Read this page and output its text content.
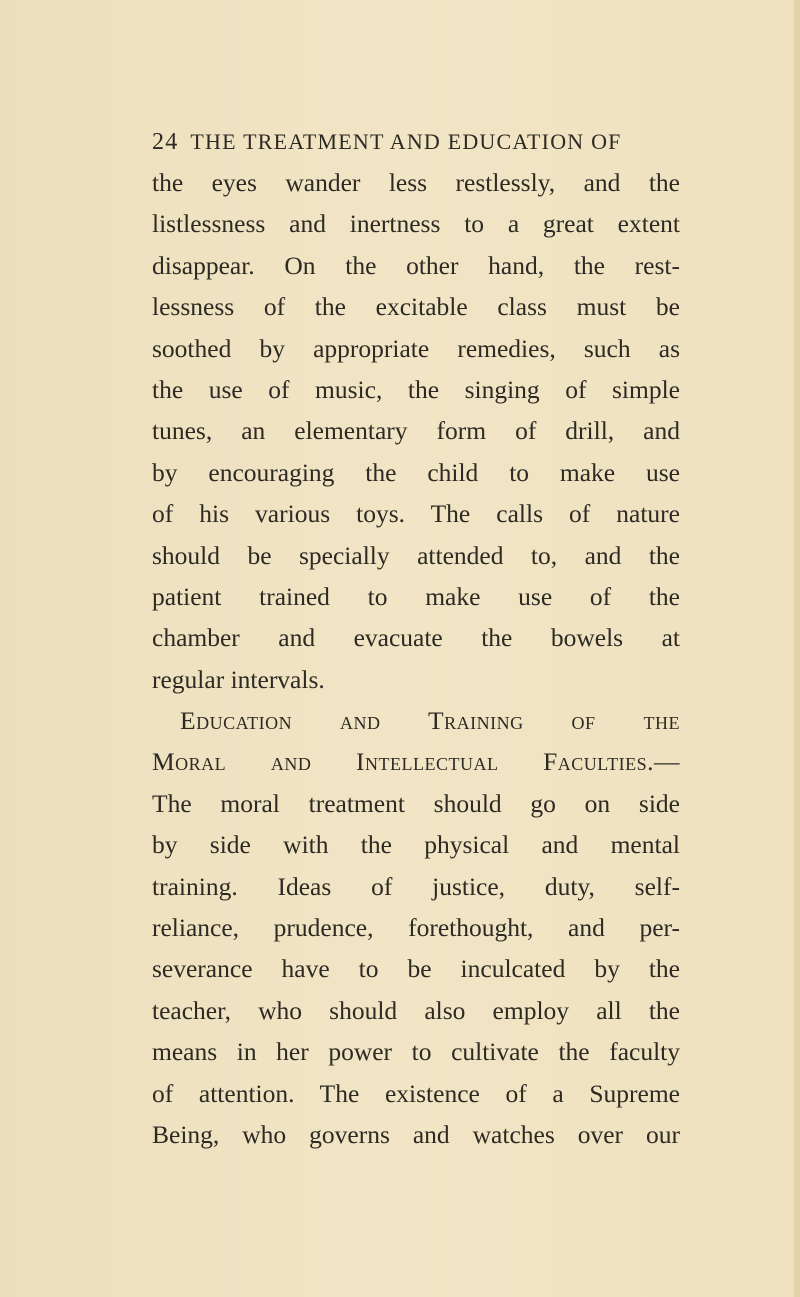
24 THE TREATMENT AND EDUCATION OF
the eyes wander less restlessly, and the
listlessness and inertness to a great extent
disappear. On the other hand, the rest-
lessness of the excitable class must be
soothed by appropriate remedies, such as
the use of music, the singing of simple
tunes, an elementary form of drill, and
by encouraging the child to make use
of his various toys. The calls of nature
should be specially attended to, and the
patient trained to make use of the
chamber and evacuate the bowels at
regular intervals.
Education and Training of the
Moral and Intellectual Faculties.—
The moral treatment should go on side
by side with the physical and mental
training. Ideas of justice, duty, self-
reliance, prudence, forethought, and per-
severance have to be inculcated by the
teacher, who should also employ all the
means in her power to cultivate the faculty
of attention. The existence of a Supreme
Being, who governs and watches over our
